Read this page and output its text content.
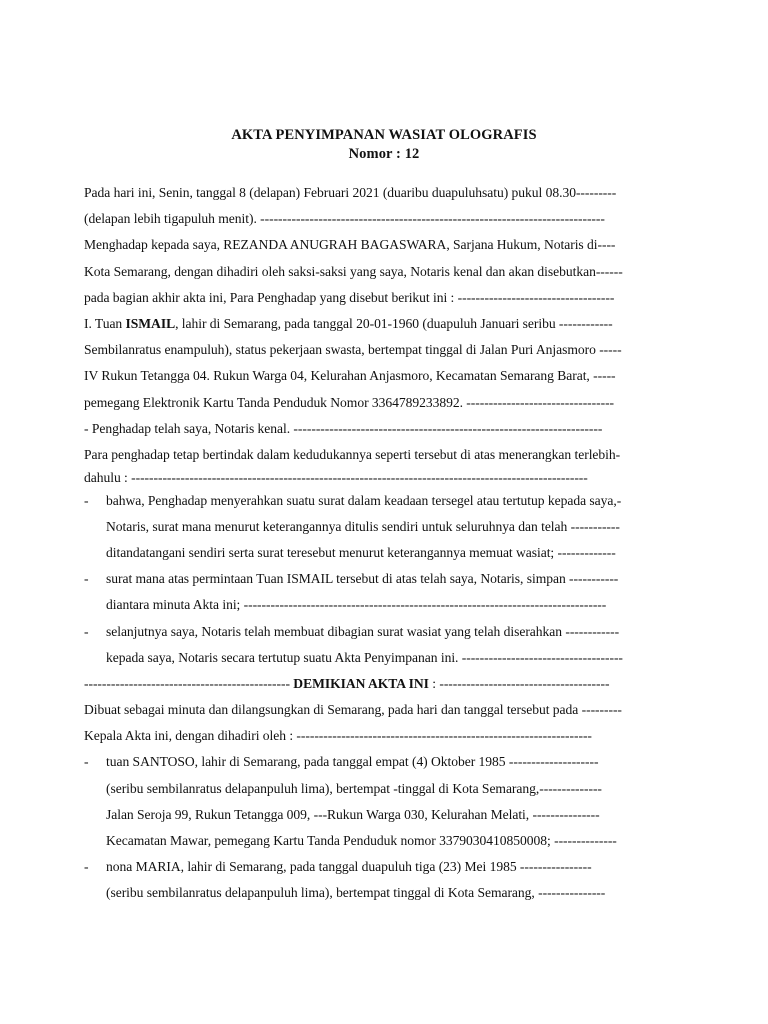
AKTA PENYIMPANAN WASIAT OLOGRAFIS
Nomor : 12
Pada hari ini, Senin, tanggal 8 (delapan) Februari 2021 (duaribu duapuluhsatu) pukul 08.30---------
(delapan lebih tigapuluh menit). -----------------------------------------------------------------------------
Menghadap kepada saya, REZANDA ANUGRAH BAGASWARA, Sarjana Hukum, Notaris di----
Kota Semarang, dengan dihadiri oleh saksi-saksi yang saya, Notaris kenal dan akan disebutkan------
pada bagian akhir akta ini, Para Penghadap yang disebut berikut ini : -----------------------------------
I. Tuan ISMAIL, lahir di Semarang, pada tanggal 20-01-1960 (duapuluh Januari seribu ------------
Sembilanratus enampuluh), status pekerjaan swasta, bertempat tinggal di Jalan Puri Anjasmoro -----
IV Rukun Tetangga 04. Rukun Warga 04, Kelurahan Anjasmoro, Kecamatan Semarang Barat, -----
pemegang Elektronik Kartu Tanda Penduduk Nomor 3364789233892. ---------------------------------
- Penghadap telah saya, Notaris kenal. ---------------------------------------------------------------------
Para penghadap tetap bertindak dalam kedudukannya seperti tersebut di atas menerangkan terlebih-
dahulu : ------------------------------------------------------------------------------------------------------
- bahwa, Penghadap menyerahkan suatu surat dalam keadaan tersegel atau tertutup kepada saya,-
Notaris, surat mana menurut keterangannya ditulis sendiri untuk seluruhnya dan telah -----------
ditandatangani sendiri serta surat teresebut menurut keterangannya memuat wasiat; -------------
- surat mana atas permintaan Tuan ISMAIL tersebut di atas telah saya, Notaris, simpan -----------
diantara minuta Akta ini; ---------------------------------------------------------------------------------
- selanjutnya saya, Notaris telah membuat dibagian surat wasiat yang telah diserahkan ------------
kepada saya, Notaris secara tertutup suatu Akta Penyimpanan ini. ------------------------------------
---------------------------------------------- DEMIKIAN AKTA INI : --------------------------------------
Dibuat sebagai minuta dan dilangsungkan di Semarang, pada hari dan tanggal tersebut pada ---------
Kepala Akta ini, dengan dihadiri oleh : ------------------------------------------------------------------
- tuan SANTOSO, lahir di Semarang, pada tanggal empat (4) Oktober 1985 --------------------
(seribu sembilanratus delapanpuluh lima), bertempat -tinggal di Kota Semarang,--------------
Jalan Seroja 99, Rukun Tetangga 009, ---Rukun Warga 030, Kelurahan Melati, ---------------
Kecamatan Mawar, pemegang Kartu Tanda Penduduk nomor 3379030410850008; --------------
- nona MARIA, lahir di Semarang, pada tanggal duapuluh tiga (23) Mei 1985 ----------------
(seribu sembilanratus delapanpuluh lima), bertempat tinggal di Kota Semarang, ---------------
